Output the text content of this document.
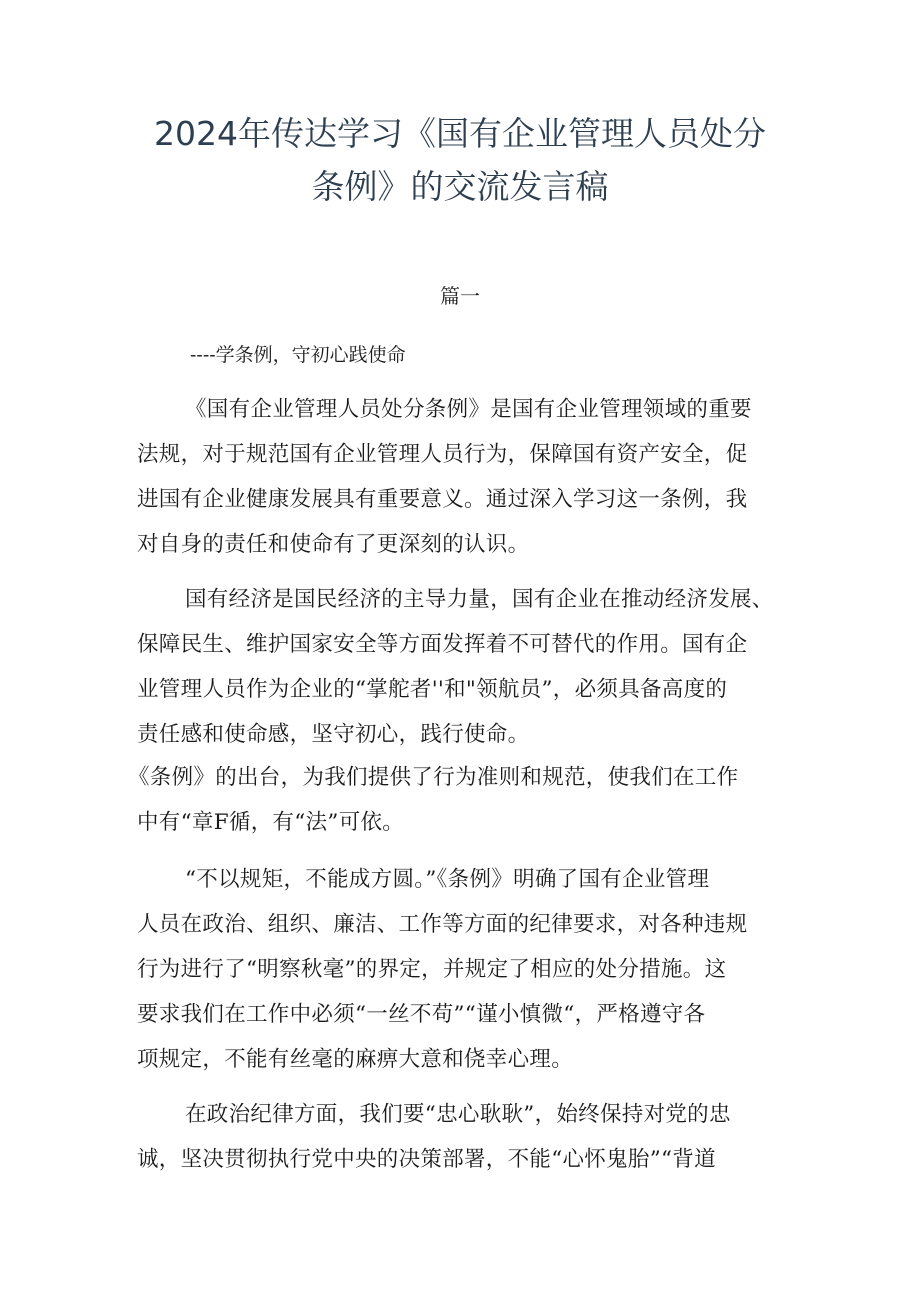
2024年传达学习《国有企业管理人员处分
条例》的交流发言稿
篇一
----学条例，守初心践使命
《国有企业管理人员处分条例》是国有企业管理领域的重要
法规，对于规范国有企业管理人员行为，保障国有资产安全，促
进国有企业健康发展具有重要意义。通过深入学习这一条例，我
对自身的责任和使命有了更深刻的认识。
国有经济是国民经济的主导力量，国有企业在推动经济发展、
保障民生、维护国家安全等方面发挥着不可替代的作用。国有企
业管理人员作为企业的“掌舵者''和"领航员”，必须具备高度的
责任感和使命感，坚守初心，践行使命。
《条例》的出台，为我们提供了行为准则和规范，使我们在工作
中有“章F循，有“法”可依。
“不以规矩，不能成方圆。”《条例》明确了国有企业管理
人员在政治、组织、廉洁、工作等方面的纪律要求，对各种违规
行为进行了“明察秋毫”的界定，并规定了相应的处分措施。这
要求我们在工作中必须“一丝不苟”“谨小慎微“，严格遵守各
项规定，不能有丝毫的麻痹大意和侥幸心理。
在政治纪律方面，我们要“忠心耿耿”，始终保持对党的忠
诚，坚决贯彻执行党中央的决策部署，不能“心怀鬼胎”“背道
